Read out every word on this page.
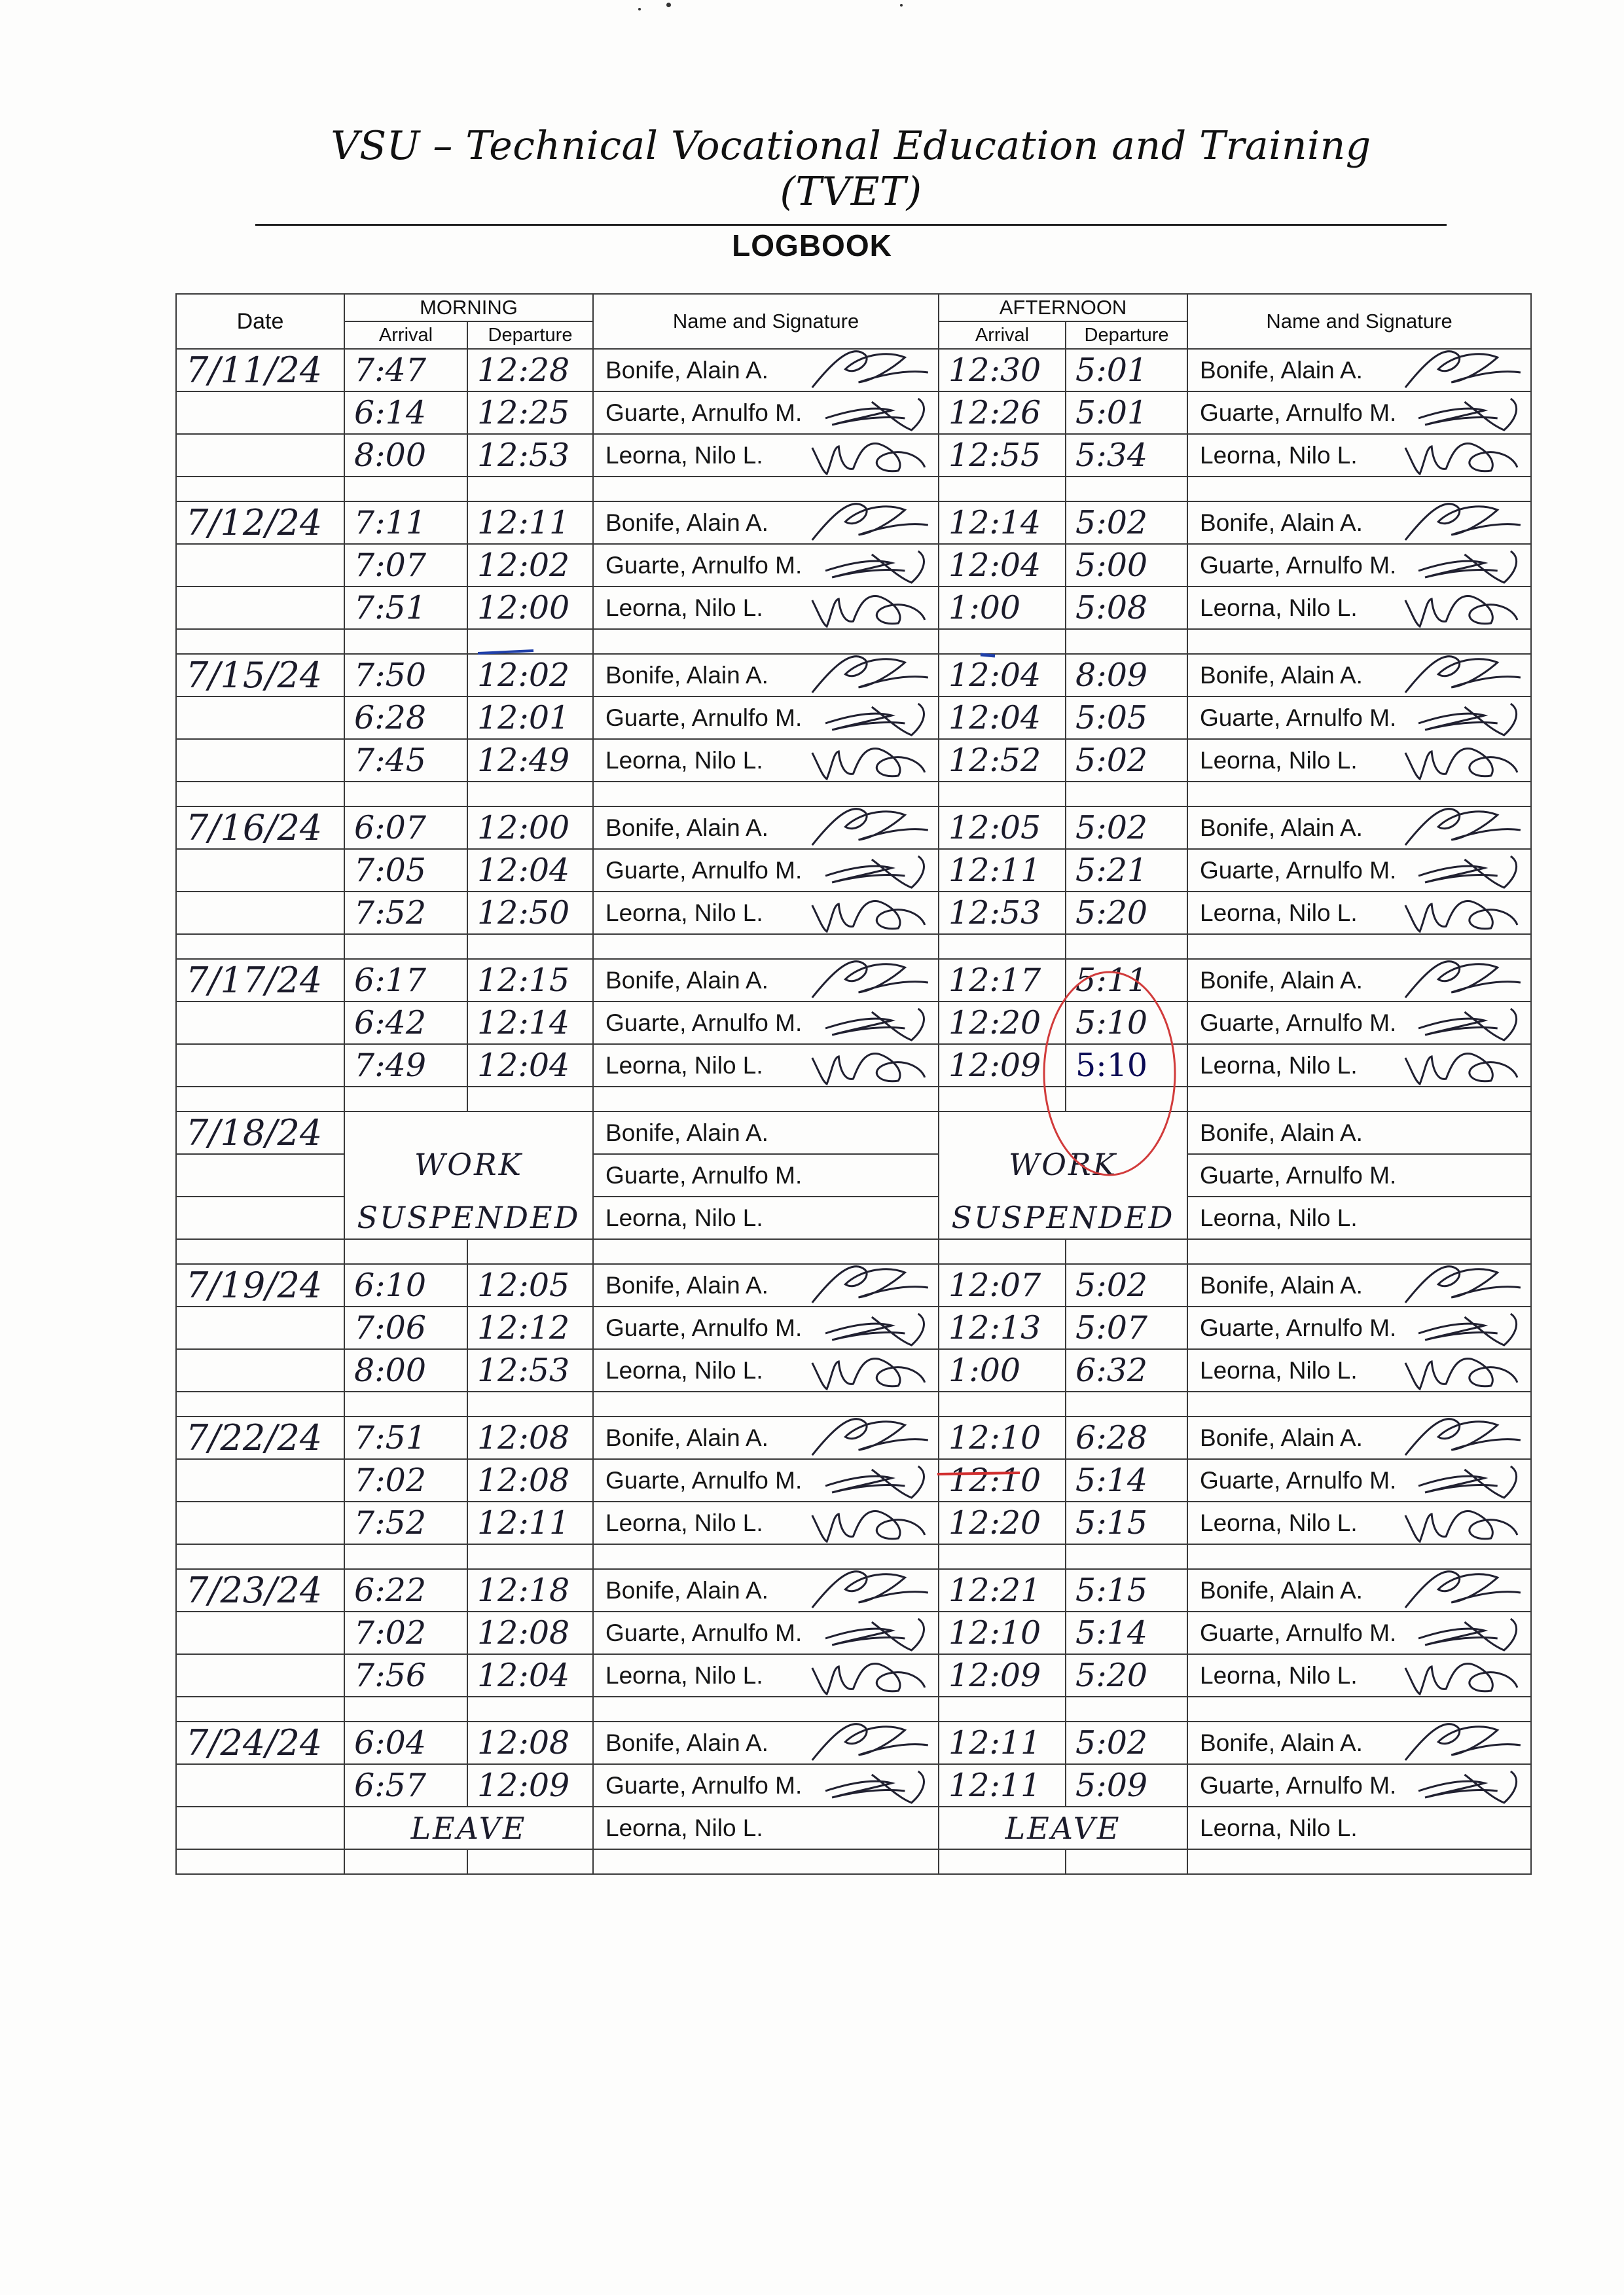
VSU – Technical Vocational Education and Training (TVET)
LOGBOOK
Date	MORNING		Name and Signature	AFTERNOON		Name and Signature
	Arrival	Departure		Arrival	Departure	
7/11/24	7:47	12:28	Bonife, Alain A.	12:30	5:01	Bonife, Alain A.

	6:14	12:25	Guarte, Arnulfo M.	12:26	5:01	Guarte, Arnulfo M.

	8:00	12:53	Leorna, Nilo L.	12:55	5:34	Leorna, Nilo L.

7/12/24	7:11	12:11	Bonife, Alain A.	12:14	5:02	Bonife, Alain A.

	7:07	12:02	Guarte, Arnulfo M.	12:04	5:00	Guarte, Arnulfo M.

	7:51	12:00	Leorna, Nilo L.	1:00	5:08	Leorna, Nilo L.

7/15/24	7:50	12:02	Bonife, Alain A.	12:04	8:09	Bonife, Alain A.

	6:28	12:01	Guarte, Arnulfo M.	12:04	5:05	Guarte, Arnulfo M.

	7:45	12:49	Leorna, Nilo L.	12:52	5:02	Leorna, Nilo L.

7/16/24	6:07	12:00	Bonife, Alain A.	12:05	5:02	Bonife, Alain A.

	7:05	12:04	Guarte, Arnulfo M.	12:11	5:21	Guarte, Arnulfo M.

	7:52	12:50	Leorna, Nilo L.	12:53	5:20	Leorna, Nilo L.

7/17/24	6:17	12:15	Bonife, Alain A.	12:17	5:11	Bonife, Alain A.

	6:42	12:14	Guarte, Arnulfo M.	12:20	5:10	Guarte, Arnulfo M.

	7:49	12:04	Leorna, Nilo L.	12:09	5:10	Leorna, Nilo L.

7/18/24	WORK		Bonife, Alain A.	WORK		Bonife, Alain A.
			Guarte, Arnulfo M.			Guarte, Arnulfo M.
	SUSPENDED		Leorna, Nilo L.	SUSPENDED		Leorna, Nilo L.

7/19/24	6:10	12:05	Bonife, Alain A.	12:07	5:02	Bonife, Alain A.

	7:06	12:12	Guarte, Arnulfo M.	12:13	5:07	Guarte, Arnulfo M.

	8:00	12:53	Leorna, Nilo L.	1:00	6:32	Leorna, Nilo L.

7/22/24	7:51	12:08	Bonife, Alain A.	12:10	6:28	Bonife, Alain A.

	7:02	12:08	Guarte, Arnulfo M.	12:10	5:14	Guarte, Arnulfo M.

	7:52	12:11	Leorna, Nilo L.	12:20	5:15	Leorna, Nilo L.

7/23/24	6:22	12:18	Bonife, Alain A.	12:21	5:15	Bonife, Alain A.

	7:02	12:08	Guarte, Arnulfo M.	12:10	5:14	Guarte, Arnulfo M.

	7:56	12:04	Leorna, Nilo L.	12:09	5:20	Leorna, Nilo L.

7/24/24	6:04	12:08	Bonife, Alain A.	12:11	5:02	Bonife, Alain A.

	6:57	12:09	Guarte, Arnulfo M.	12:11	5:09	Guarte, Arnulfo M.

	LEAVE		Leorna, Nilo L.	LEAVE		Leorna, Nilo L.
